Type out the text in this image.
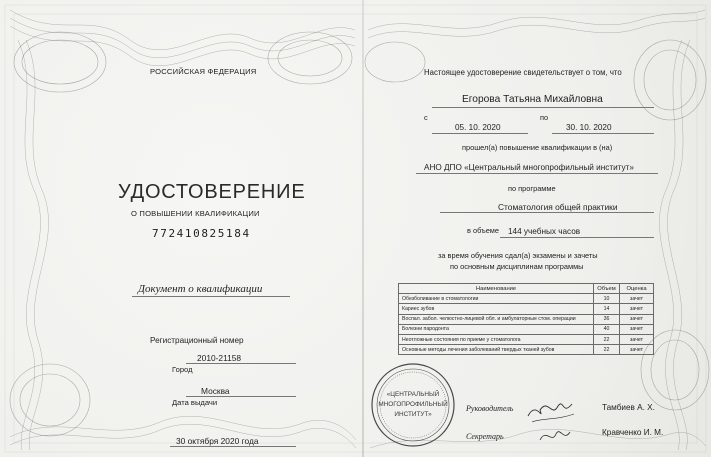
РОССИЙСКАЯ ФЕДЕРАЦИЯ
УДОСТОВЕРЕНИЕ
О ПОВЫШЕНИИ КВАЛИФИКАЦИИ
772410825184
Документ о квалификации
Регистрационный номер
2010-21158
Город
Москва
Дата выдачи
30 октября 2020 года
Настоящее удостоверение свидетельствует о том, что
Егорова Татьяна Михайловна
с
05. 10. 2020
по
30. 10. 2020
прошел(а) повышение квалификации в (на)
АНО ДПО «Центральный многопрофильный институт»
по программе
Стоматология общей практики
в объеме 144 учебных часов
за время обучения сдал(а) экзамены и зачеты
по основным дисциплинам программы
Наименование	Объем	Оценка
Обезболивание в стоматологии	10	зачет
Кариес зубов	14	зачет
Воспал. забол. челюстно-лицевой обл. и амбулаторные стом. операции	36	зачет
Болезни пародонта	40	зачет
Неотложные состояния по приеме у стоматолога	22	зачет
Основные методы лечения заболеваний твердых тканей зубов	22	зачет
«ЦЕНТРАЛЬНЫЙ
МНОГОПРОФИЛЬНЫЙ
ИНСТИТУТ»
Руководитель
Секретарь
Тамбиев А. Х.
Кравченко И. М.
